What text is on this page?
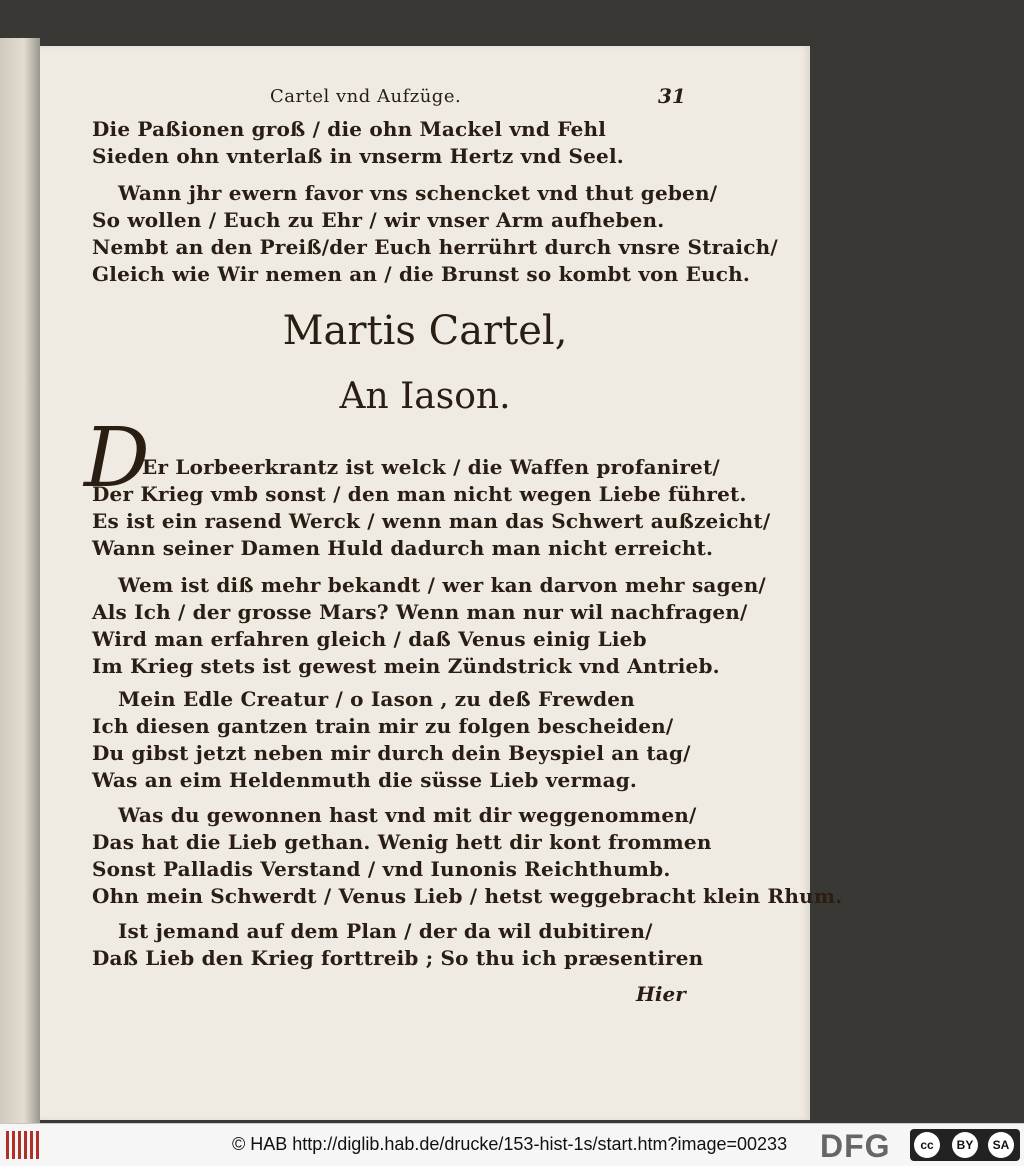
Cartel vnd Aufzüge.	31
Die Paßionen groß / die ohn Mackel vnd Fehl
Sieden ohn vnterlaß in vnserm Hertz vnd Seel.
Wann jhr ewern favor vns schencket vnd thut geben/
So wollen / Euch zu Ehr / wir vnser Arm aufheben.
Nembt an den Preiß/der Euch herrührt durch vnsre Straich/
Gleich wie Wir nemen an / die Brunst so kombt von Euch.
Martis Cartel,
An Iason.
D
Er Lorbeerkrantz ist welck / die Waffen profaniret/
Der Krieg vmb sonst / den man nicht wegen Liebe führet.
Es ist ein rasend Werck / wenn man das Schwert außzeicht/
Wann seiner Damen Huld dadurch man nicht erreicht.
Wem ist diß mehr bekandt / wer kan darvon mehr sagen/
Als Ich / der grosse Mars? Wenn man nur wil nachfragen/
Wird man erfahren gleich / daß Venus einig Lieb
Im Krieg stets ist gewest mein Zündstrick vnd Antrieb.
Mein Edle Creatur / o Iason , zu deß Frewden
Ich diesen gantzen train mir zu folgen bescheiden/
Du gibst jetzt neben mir durch dein Beyspiel an tag/
Was an eim Heldenmuth die süsse Lieb vermag.
Was du gewonnen hast vnd mit dir weggenommen/
Das hat die Lieb gethan. Wenig hett dir kont frommen
Sonst Palladis Verstand / vnd Iunonis Reichthumb.
Ohn mein Schwerdt / Venus Lieb / hetst weggebracht klein Rhum.
Ist jemand auf dem Plan / der da wil dubitiren/
Daß Lieb den Krieg forttreib ; So thu ich præsentiren
Hier
© HAB http://diglib.hab.de/drucke/153-hist-1s/start.htm?image=00233 DFG	cc	BY	SA
